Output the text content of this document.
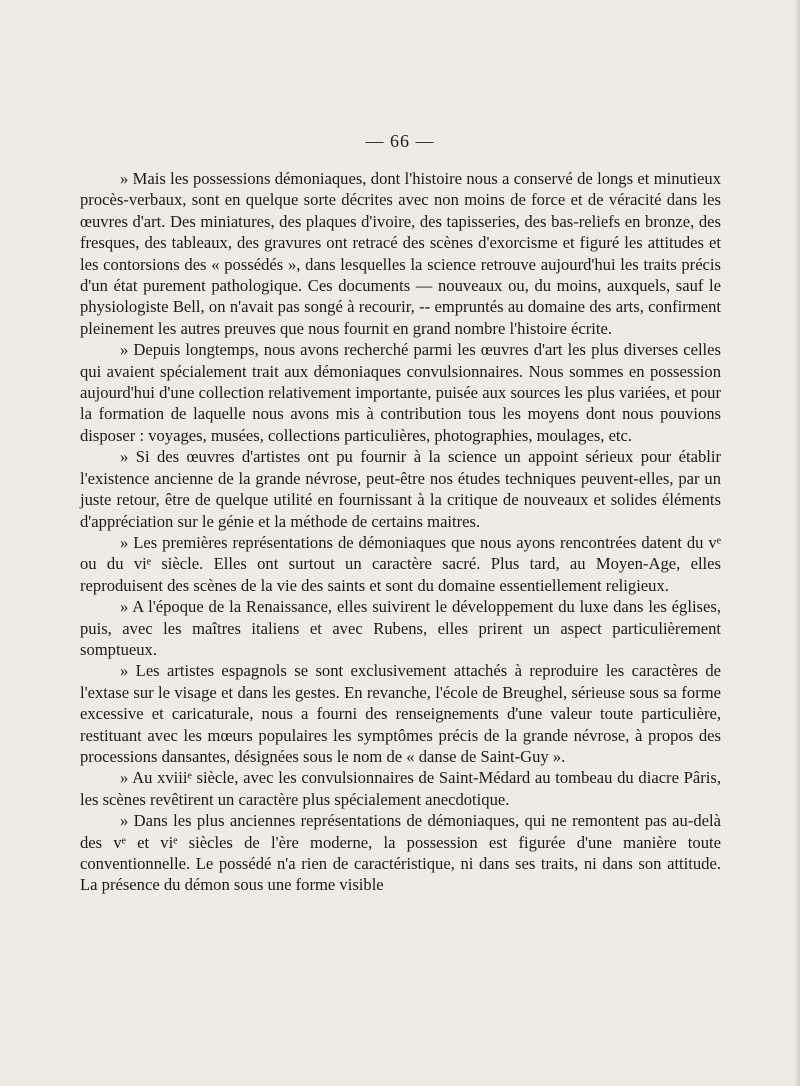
— 66 —

» Mais les possessions démoniaques, dont l'histoire nous a conservé de longs et minutieux procès-verbaux, sont en quelque sorte décrites avec non moins de force et de véracité dans les œuvres d'art. Des miniatures, des plaques d'ivoire, des tapisseries, des bas-reliefs en bronze, des fresques, des tableaux, des gravures ont retracé des scènes d'exorcisme et figuré les attitudes et les contorsions des « possédés », dans lesquelles la science retrouve aujourd'hui les traits précis d'un état purement pathologique. Ces documents — nouveaux ou, du moins, auxquels, sauf le physiologiste Bell, on n'avait pas songé à recourir, -- empruntés au domaine des arts, confirment pleinement les autres preuves que nous fournit en grand nombre l'histoire écrite.

» Depuis longtemps, nous avons recherché parmi les œuvres d'art les plus diverses celles qui avaient spécialement trait aux démoniaques convulsionnaires. Nous sommes en possession aujourd'hui d'une collection relativement importante, puisée aux sources les plus variées, et pour la formation de laquelle nous avons mis à contribution tous les moyens dont nous pouvions disposer : voyages, musées, collections particulières, photographies, moulages, etc.

» Si des œuvres d'artistes ont pu fournir à la science un appoint sérieux pour établir l'existence ancienne de la grande névrose, peut-être nos études techniques peuvent-elles, par un juste retour, être de quelque utilité en fournissant à la critique de nouveaux et solides éléments d'appréciation sur le génie et la méthode de certains maitres.

» Les premières représentations de démoniaques que nous ayons rencontrées datent du vᵉ ou du viᵉ siècle. Elles ont surtout un caractère sacré. Plus tard, au Moyen-Age, elles reproduisent des scènes de la vie des saints et sont du domaine essentiellement religieux.

» A l'époque de la Renaissance, elles suivirent le développement du luxe dans les églises, puis, avec les maîtres italiens et avec Rubens, elles prirent un aspect particulièrement somptueux.

» Les artistes espagnols se sont exclusivement attachés à reproduire les caractères de l'extase sur le visage et dans les gestes. En revanche, l'école de Breughel, sérieuse sous sa forme excessive et caricaturale, nous a fourni des renseignements d'une valeur toute particulière, restituant avec les mœurs populaires les symptômes précis de la grande névrose, à propos des processions dansantes, désignées sous le nom de « danse de Saint-Guy ».

» Au xviiiᵉ siècle, avec les convulsionnaires de Saint-Médard au tombeau du diacre Pâris, les scènes revêtirent un caractère plus spécialement anecdotique.

» Dans les plus anciennes représentations de démoniaques, qui ne remontent pas au-delà des vᵉ et viᵉ siècles de l'ère moderne, la possession est figurée d'une manière toute conventionnelle. Le possédé n'a rien de caractéristique, ni dans ses traits, ni dans son attitude. La présence du démon sous une forme visible
